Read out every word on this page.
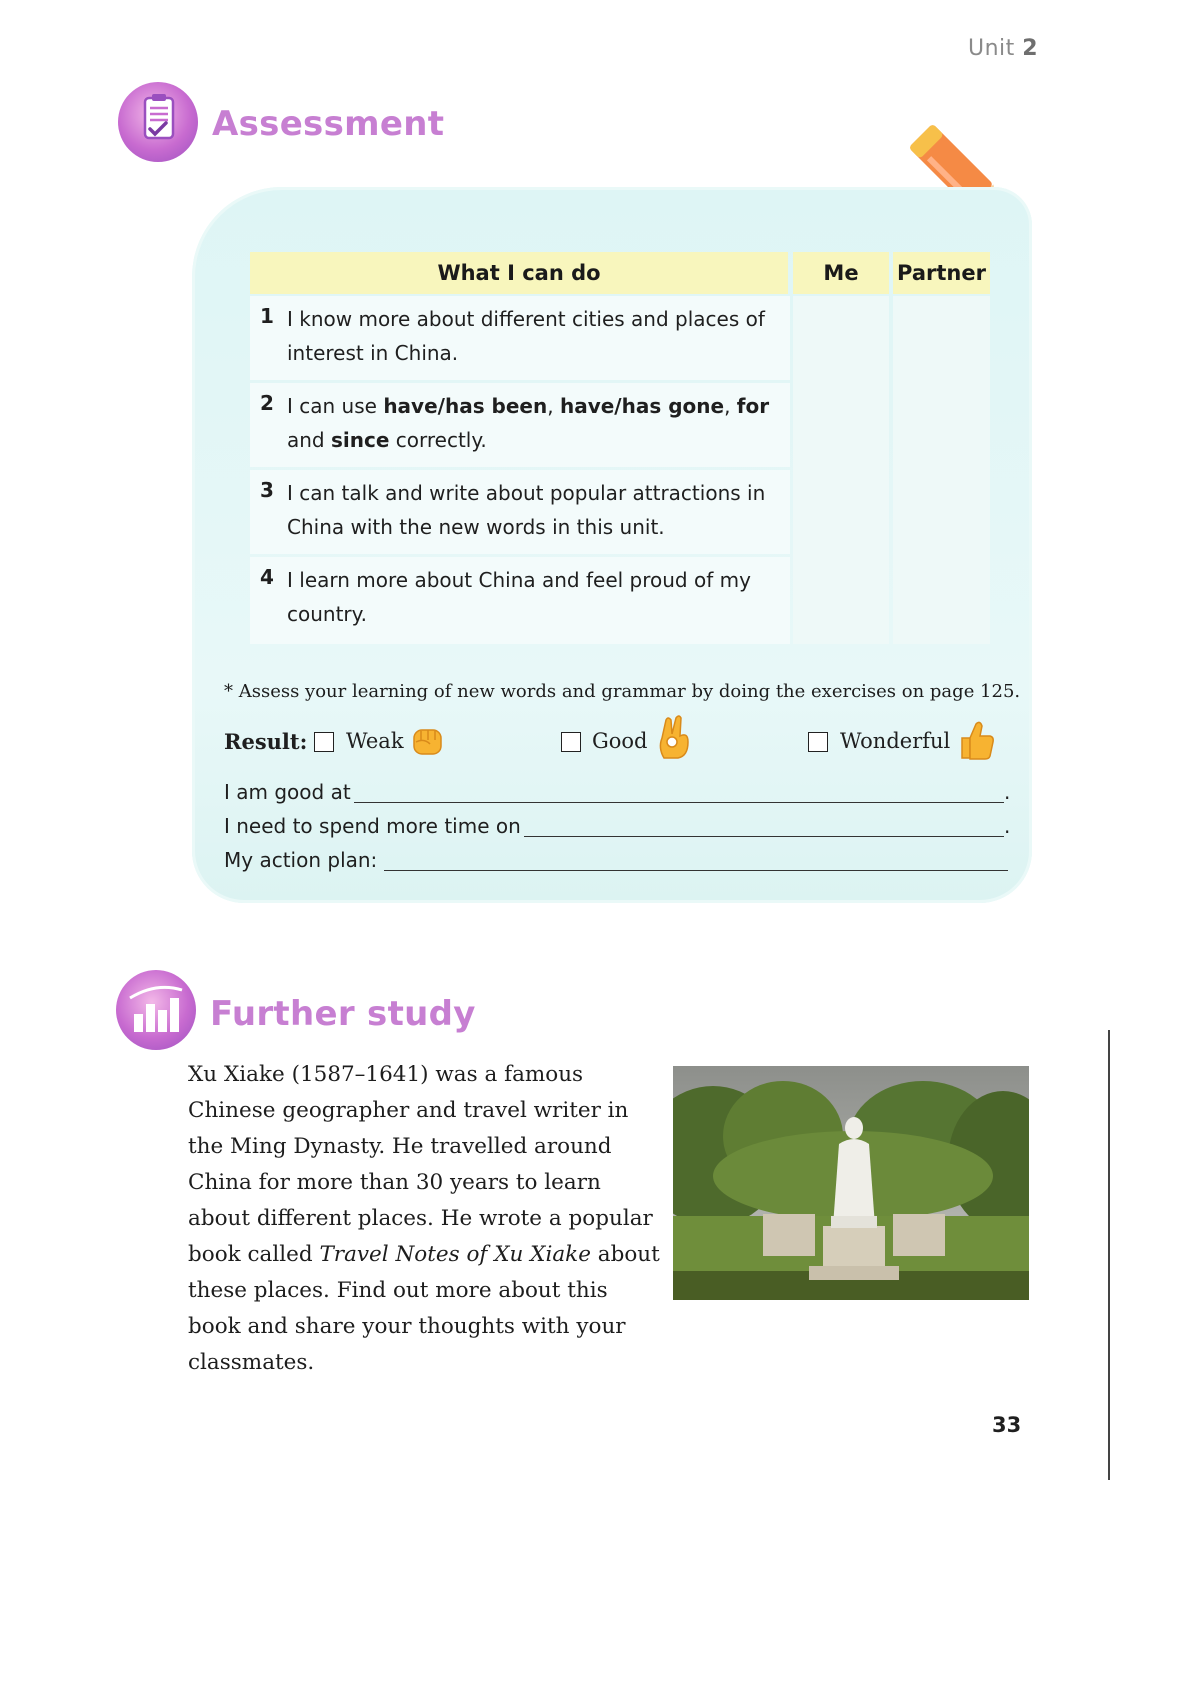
Unit 2
Assessment
What I can do	Me	Partner
1 I know more about different cities and places of interest in China.
2 I can use have/has been, have/has gone, for and since correctly.
3 I can talk and write about popular attractions in China with the new words in this unit.
4 I learn more about China and feel proud of my country.
* Assess your learning of new words and grammar by doing the exercises on page 125.
Result: Weak	Good	Wonderful
I am good at	.
I need to spend more time on	.
My action plan:
Further study
Xu Xiake (1587–1641) was a famous Chinese geographer and travel writer in the Ming Dynasty. He travelled around China for more than 30 years to learn about different places. He wrote a popular book called Travel Notes of Xu Xiake about these places. Find out more about this book and share your thoughts with your classmates.
33
